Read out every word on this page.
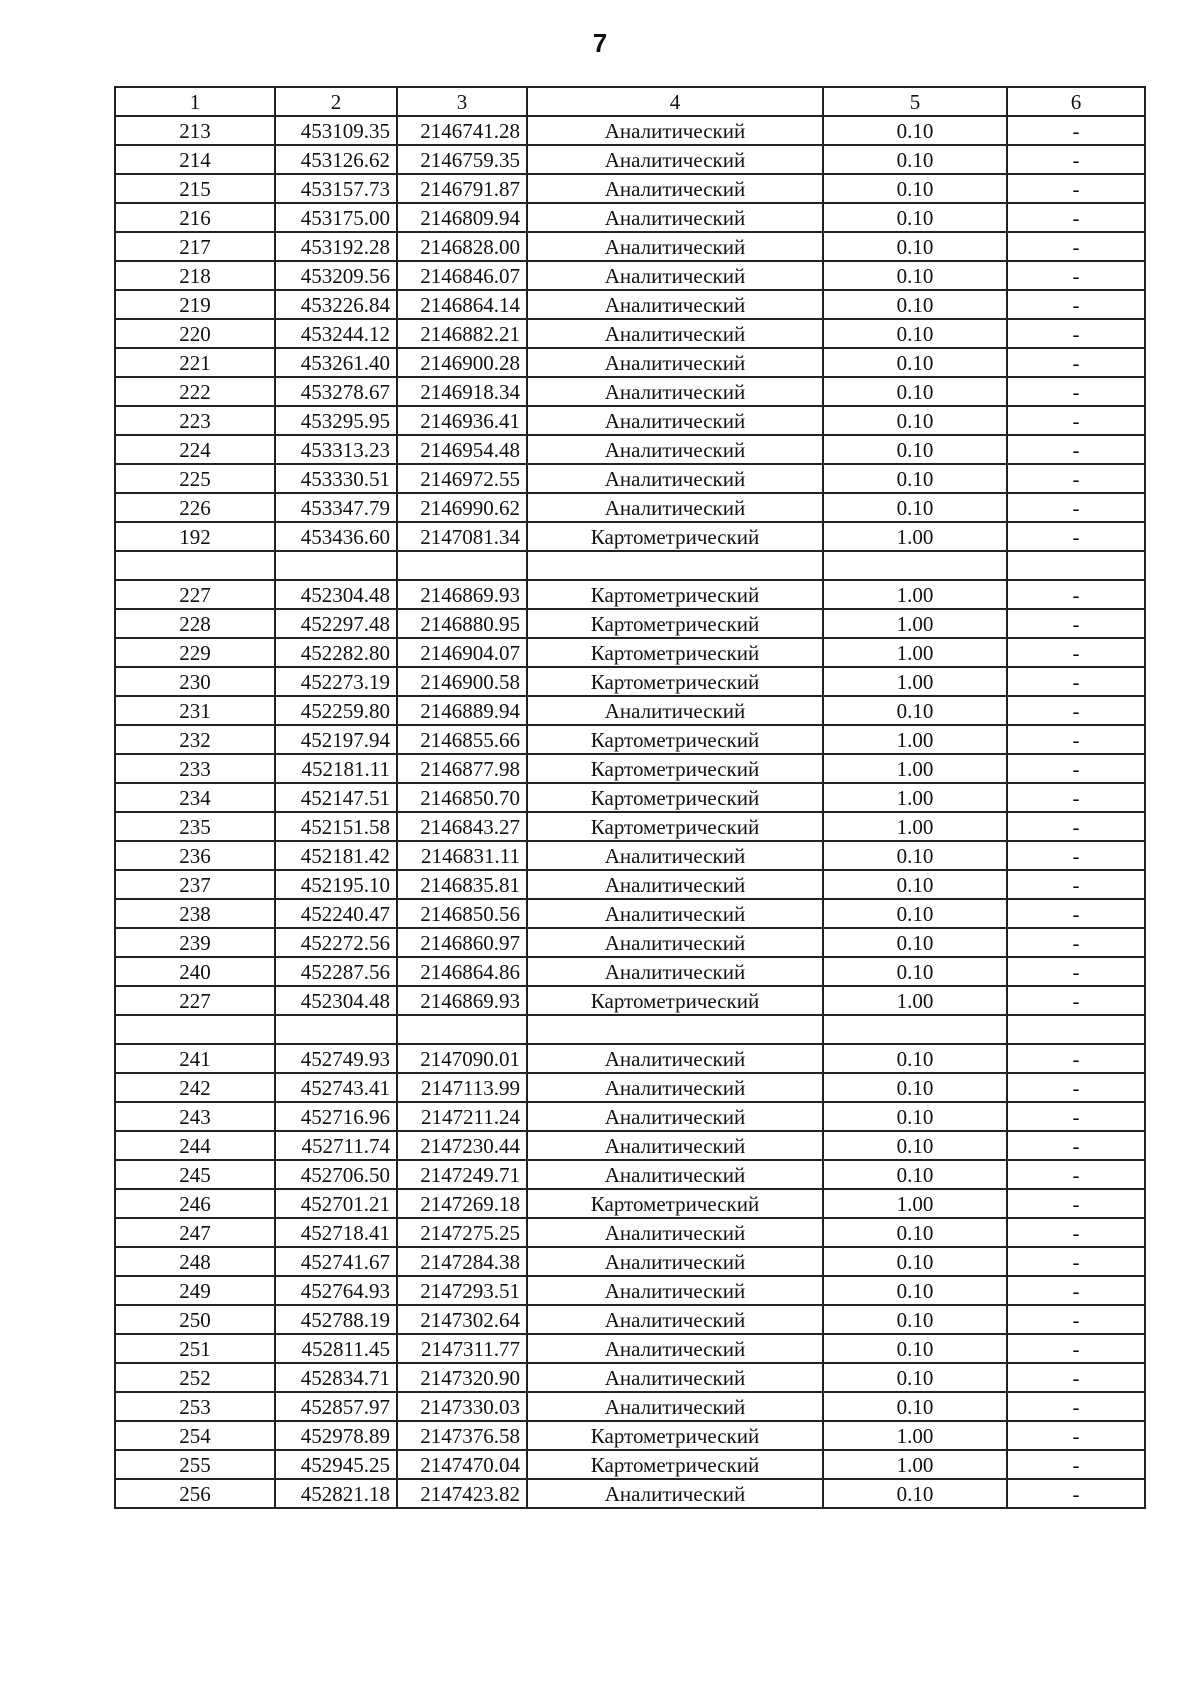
7
1	2	3	4	5	6
213	453109.35	2146741.28	Аналитический	0.10	-
214	453126.62	2146759.35	Аналитический	0.10	-
215	453157.73	2146791.87	Аналитический	0.10	-
216	453175.00	2146809.94	Аналитический	0.10	-
217	453192.28	2146828.00	Аналитический	0.10	-
218	453209.56	2146846.07	Аналитический	0.10	-
219	453226.84	2146864.14	Аналитический	0.10	-
220	453244.12	2146882.21	Аналитический	0.10	-
221	453261.40	2146900.28	Аналитический	0.10	-
222	453278.67	2146918.34	Аналитический	0.10	-
223	453295.95	2146936.41	Аналитический	0.10	-
224	453313.23	2146954.48	Аналитический	0.10	-
225	453330.51	2146972.55	Аналитический	0.10	-
226	453347.79	2146990.62	Аналитический	0.10	-
192	453436.60	2147081.34	Картометрический	1.00	-

227	452304.48	2146869.93	Картометрический	1.00	-
228	452297.48	2146880.95	Картометрический	1.00	-
229	452282.80	2146904.07	Картометрический	1.00	-
230	452273.19	2146900.58	Картометрический	1.00	-
231	452259.80	2146889.94	Аналитический	0.10	-
232	452197.94	2146855.66	Картометрический	1.00	-
233	452181.11	2146877.98	Картометрический	1.00	-
234	452147.51	2146850.70	Картометрический	1.00	-
235	452151.58	2146843.27	Картометрический	1.00	-
236	452181.42	2146831.11	Аналитический	0.10	-
237	452195.10	2146835.81	Аналитический	0.10	-
238	452240.47	2146850.56	Аналитический	0.10	-
239	452272.56	2146860.97	Аналитический	0.10	-
240	452287.56	2146864.86	Аналитический	0.10	-
227	452304.48	2146869.93	Картометрический	1.00	-

241	452749.93	2147090.01	Аналитический	0.10	-
242	452743.41	2147113.99	Аналитический	0.10	-
243	452716.96	2147211.24	Аналитический	0.10	-
244	452711.74	2147230.44	Аналитический	0.10	-
245	452706.50	2147249.71	Аналитический	0.10	-
246	452701.21	2147269.18	Картометрический	1.00	-
247	452718.41	2147275.25	Аналитический	0.10	-
248	452741.67	2147284.38	Аналитический	0.10	-
249	452764.93	2147293.51	Аналитический	0.10	-
250	452788.19	2147302.64	Аналитический	0.10	-
251	452811.45	2147311.77	Аналитический	0.10	-
252	452834.71	2147320.90	Аналитический	0.10	-
253	452857.97	2147330.03	Аналитический	0.10	-
254	452978.89	2147376.58	Картометрический	1.00	-
255	452945.25	2147470.04	Картометрический	1.00	-
256	452821.18	2147423.82	Аналитический	0.10	-
